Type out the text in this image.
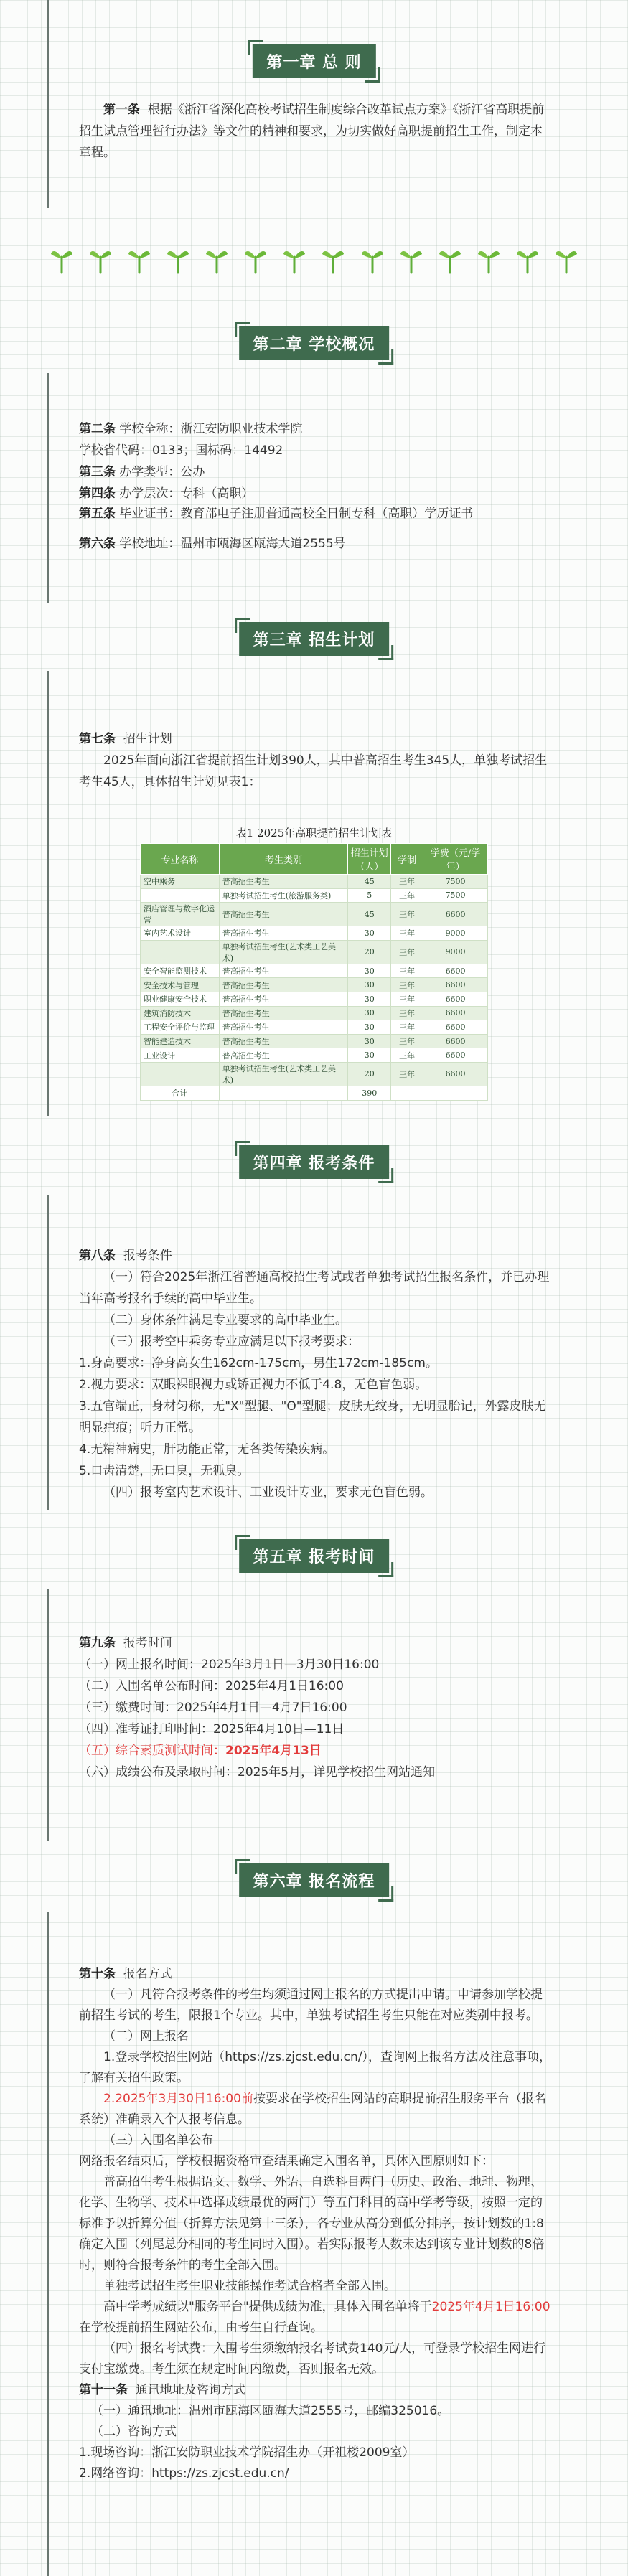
第一章 总 则

第一条 根据《浙江省深化高校考试招生制度综合改革试点方案》《浙江省高职提前招生试点管理暂行办法》等文件的精神和要求，为切实做好高职提前招生工作，制定本章程。

第二章 学校概况

第二条 学校全称：浙江安防职业技术学院

学校省代码：0133；国标码：14492

第三条 办学类型：公办

第四条 办学层次：专科（高职）

第五条 毕业证书：教育部电子注册普通高校全日制专科（高职）学历证书

第六条 学校地址：温州市瓯海区瓯海大道2555号

第三章 招生计划

第七条 招生计划

2025年面向浙江省提前招生计划390人，其中普高招生考生345人，单独考试招生考生45人，具体招生计划见表1：

表1 2025年高职提前招生计划表
专业名称	考生类别	招生计划（人）	学制	学费（元/学年）
空中乘务	普高招生考生	45	三年	7500
	单独考试招生考生(旅游服务类)	5	三年	7500
酒店管理与数字化运营	普高招生考生	45	三年	6600
室内艺术设计	普高招生考生	30	三年	9000
	单独考试招生考生(艺术类工艺美术)	20	三年	9000
安全智能监测技术	普高招生考生	30	三年	6600
安全技术与管理	普高招生考生	30	三年	6600
职业健康安全技术	普高招生考生	30	三年	6600
建筑消防技术	普高招生考生	30	三年	6600
工程安全评价与监理	普高招生考生	30	三年	6600
智能建造技术	普高招生考生	30	三年	6600
工业设计	普高招生考生	30	三年	6600
	单独考试招生考生(艺术类工艺美术)	20	三年	6600
合计		390		
第四章 报考条件

第八条 报考条件

（一）符合2025年浙江省普通高校招生考试或者单独考试招生报名条件，并已办理当年高考报名手续的高中毕业生。

（二）身体条件满足专业要求的高中毕业生。

（三）报考空中乘务专业应满足以下报考要求：

1.身高要求：净身高女生162cm-175cm，男生172cm-185cm。

2.视力要求：双眼裸眼视力或矫正视力不低于4.8，无色盲色弱。

3.五官端正，身材匀称，无"X"型腿、"O"型腿；皮肤无纹身，无明显胎记，外露皮肤无明显疤痕；听力正常。

4.无精神病史，肝功能正常，无各类传染疾病。

5.口齿清楚，无口臭，无狐臭。

（四）报考室内艺术设计、工业设计专业，要求无色盲色弱。

第五章 报考时间

第九条 报考时间

（一）网上报名时间：2025年3月1日—3月30日16:00

（二）入围名单公布时间：2025年4月1日16:00

（三）缴费时间：2025年4月1日—4月7日16:00

（四）准考证打印时间：2025年4月10日—11日

（五）综合素质测试时间：2025年4月13日

（六）成绩公布及录取时间：2025年5月，详见学校招生网站通知

第六章 报名流程

第十条 报名方式

（一）凡符合报考条件的考生均须通过网上报名的方式提出申请。申请参加学校提前招生考试的考生，限报1个专业。其中，单独考试招生考生只能在对应类别中报考。

（二）网上报名

1.登录学校招生网站（https://zs.zjcst.edu.cn/），查询网上报名方法及注意事项，了解有关招生政策。

2.2025年3月30日16:00前按要求在学校招生网站的高职提前招生服务平台（报名系统）准确录入个人报考信息。

（三）入围名单公布

网络报名结束后，学校根据资格审查结果确定入围名单，具体入围原则如下：

普高招生考生根据语文、数学、外语、自选科目两门（历史、政治、地理、物理、化学、生物学、技术中选择成绩最优的两门）等五门科目的高中学考等级，按照一定的标准予以折算分值（折算方法见第十三条），各专业从高分到低分排序，按计划数的1:8确定入围（列尾总分相同的考生同时入围）。若实际报考人数未达到该专业计划数的8倍时，则符合报考条件的考生全部入围。

单独考试招生考生职业技能操作考试合格者全部入围。

高中学考成绩以"服务平台"提供成绩为准，具体入围名单将于2025年4月1日16:00在学校提前招生网站公布，由考生自行查询。

（四）报名考试费：入围考生须缴纳报名考试费140元/人，可登录学校招生网进行支付宝缴费。考生须在规定时间内缴费，否则报名无效。

第十一条 通讯地址及咨询方式

（一）通讯地址：温州市瓯海区瓯海大道2555号，邮编325016。

（二）咨询方式

1.现场咨询：浙江安防职业技术学院招生办（开祖楼2009室）

2.网络咨询：https://zs.zjcst.edu.cn/
